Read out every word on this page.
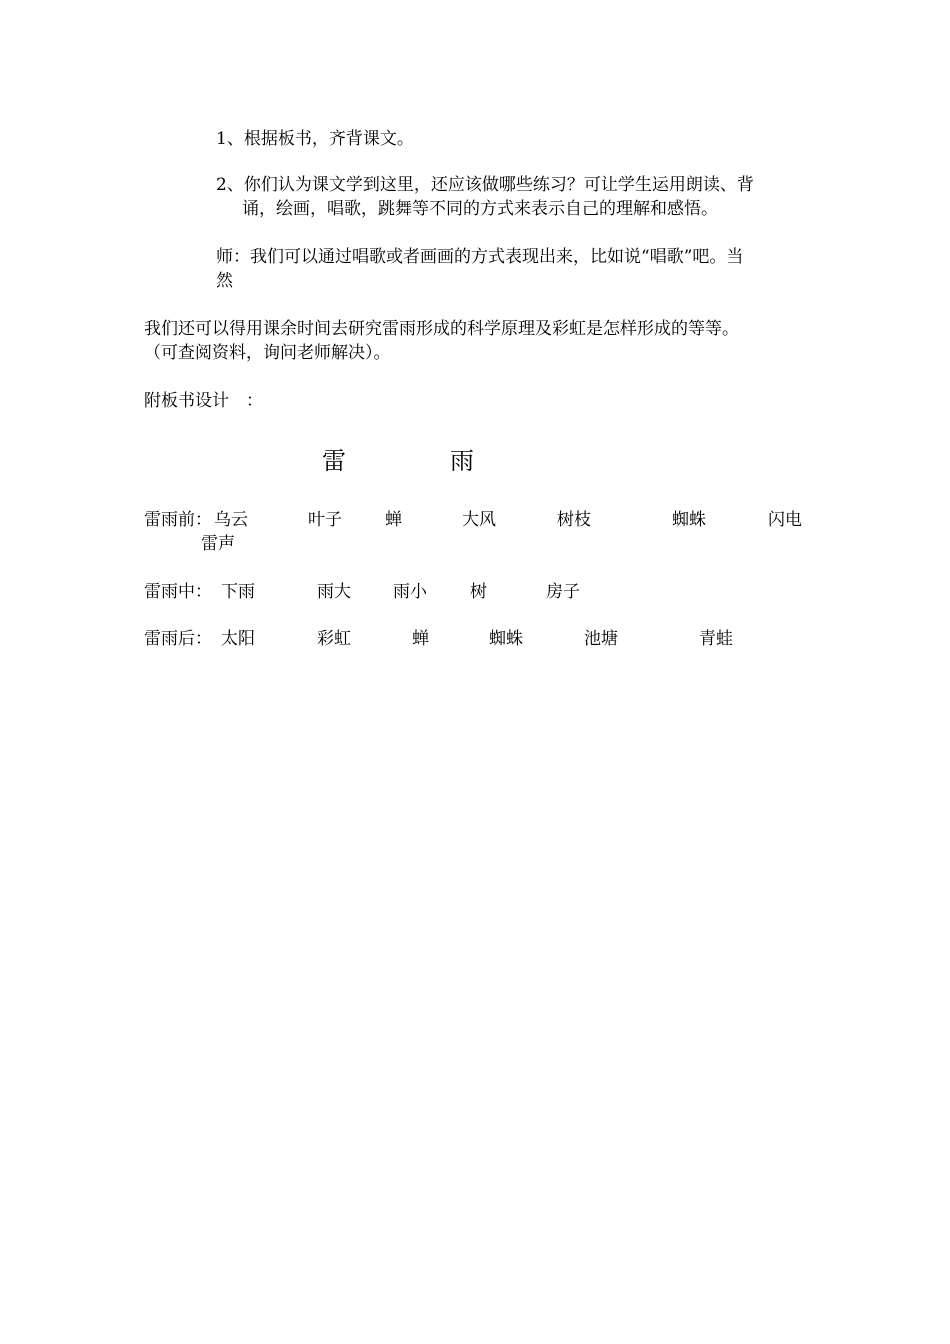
1、根据板书，齐背课文。
2、你们认为课文学到这里，还应该做哪些练习？可让学生运用朗读、背
诵，绘画，唱歌，跳舞等不同的方式来表示自己的理解和感悟。
师：我们可以通过唱歌或者画画的方式表现出来，比如说“唱歌”吧。当
然
我们还可以得用课余时间去研究雷雨形成的科学原理及彩虹是怎样形成的等等。
（可查阅资料，询问老师解决）。
附板书设计　：
雷	雨
雷雨前： 乌云	叶子	蝉	大风	树枝	蜘蛛	闪电
雷声
雷雨中： 下雨	雨大 雨小	树	房子
雷雨后： 太阳	彩虹	蝉	蜘蛛	池塘	青蛙
